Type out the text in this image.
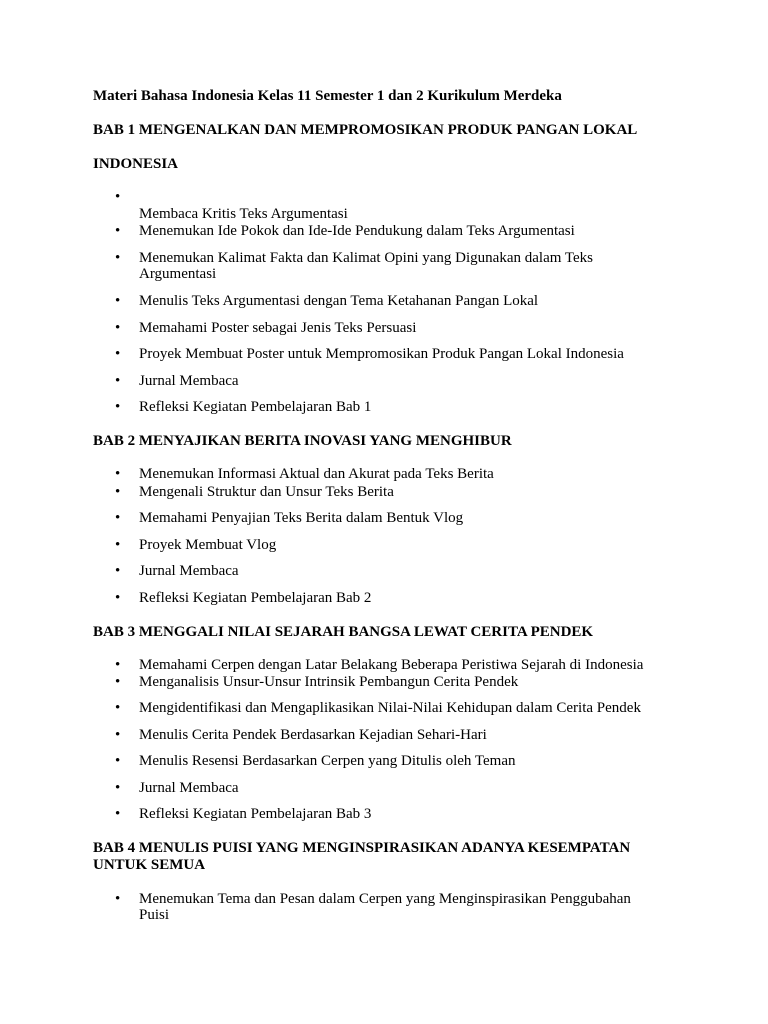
Materi Bahasa Indonesia Kelas 11 Semester 1 dan 2 Kurikulum Merdeka

BAB 1 MENGENALKAN DAN MEMPROMOSIKAN PRODUK PANGAN LOKAL

INDONESIA

•
Membaca Kritis Teks Argumentasi
• Menemukan Ide Pokok dan Ide-Ide Pendukung dalam Teks Argumentasi
• Menemukan Kalimat Fakta dan Kalimat Opini yang Digunakan dalam Teks
Argumentasi
• Menulis Teks Argumentasi dengan Tema Ketahanan Pangan Lokal
• Memahami Poster sebagai Jenis Teks Persuasi
• Proyek Membuat Poster untuk Mempromosikan Produk Pangan Lokal Indonesia
• Jurnal Membaca
• Refleksi Kegiatan Pembelajaran Bab 1

BAB 2 MENYAJIKAN BERITA INOVASI YANG MENGHIBUR

• Menemukan Informasi Aktual dan Akurat pada Teks Berita
• Mengenali Struktur dan Unsur Teks Berita
• Memahami Penyajian Teks Berita dalam Bentuk Vlog
• Proyek Membuat Vlog
• Jurnal Membaca
• Refleksi Kegiatan Pembelajaran Bab 2

BAB 3 MENGGALI NILAI SEJARAH BANGSA LEWAT CERITA PENDEK

• Memahami Cerpen dengan Latar Belakang Beberapa Peristiwa Sejarah di Indonesia
• Menganalisis Unsur-Unsur Intrinsik Pembangun Cerita Pendek
• Mengidentifikasi dan Mengaplikasikan Nilai-Nilai Kehidupan dalam Cerita Pendek
• Menulis Cerita Pendek Berdasarkan Kejadian Sehari-Hari
• Menulis Resensi Berdasarkan Cerpen yang Ditulis oleh Teman
• Jurnal Membaca
• Refleksi Kegiatan Pembelajaran Bab 3

BAB 4 MENULIS PUISI YANG MENGINSPIRASIKAN ADANYA KESEMPATAN

UNTUK SEMUA

• Menemukan Tema dan Pesan dalam Cerpen yang Menginspirasikan Penggubahan
Puisi
